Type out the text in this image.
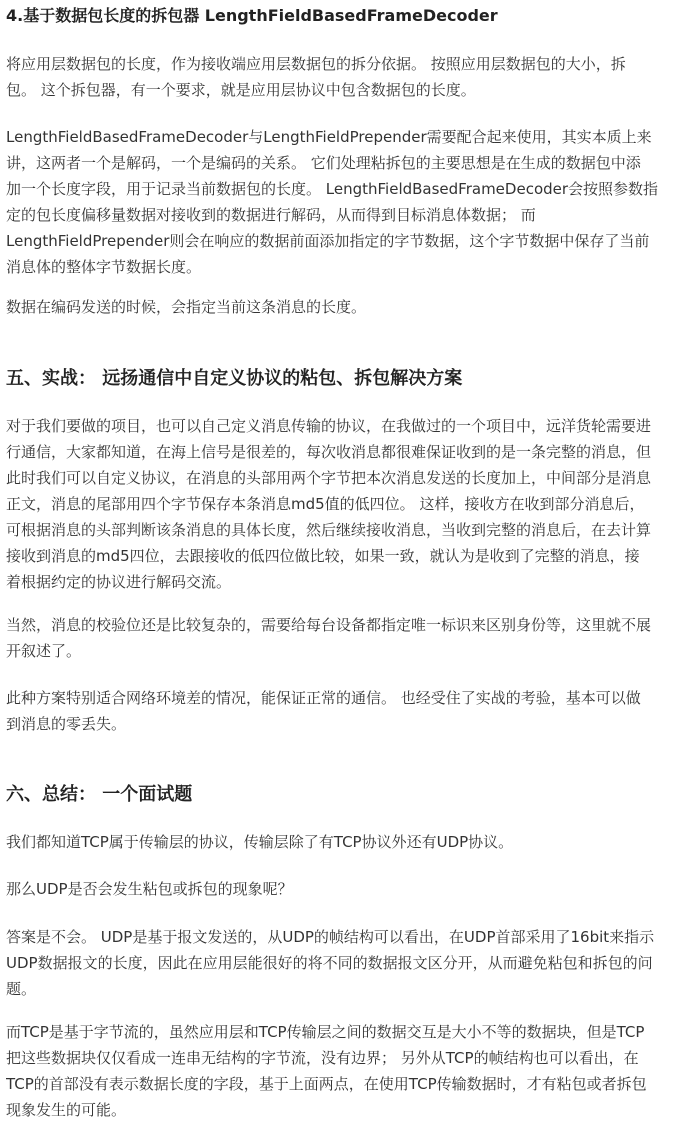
4.基于数据包长度的拆包器 LengthFieldBasedFrameDecoder
将应用层数据包的长度，作为接收端应用层数据包的拆分依据。 按照应用层数据包的大小，拆
包。 这个拆包器，有一个要求，就是应用层协议中包含数据包的长度。
LengthFieldBasedFrameDecoder与LengthFieldPrepender需要配合起来使用，其实本质上来
讲，这两者一个是解码，一个是编码的关系。 它们处理粘拆包的主要思想是在生成的数据包中添
加一个长度字段，用于记录当前数据包的长度。 LengthFieldBasedFrameDecoder会按照参数指
定的包长度偏移量数据对接收到的数据进行解码，从而得到目标消息体数据； 而
LengthFieldPrepender则会在响应的数据前面添加指定的字节数据，这个字节数据中保存了当前
消息体的整体字节数据长度。
数据在编码发送的时候，会指定当前这条消息的长度。
五、实战： 远扬通信中自定义协议的粘包、拆包解决方案
对于我们要做的项目，也可以自己定义消息传输的协议，在我做过的一个项目中，远洋货轮需要进
行通信，大家都知道，在海上信号是很差的，每次收消息都很难保证收到的是一条完整的消息，但
此时我们可以自定义协议，在消息的头部用两个字节把本次消息发送的长度加上，中间部分是消息
正文，消息的尾部用四个字节保存本条消息md5值的低四位。 这样，接收方在收到部分消息后，
可根据消息的头部判断该条消息的具体长度，然后继续接收消息，当收到完整的消息后，在去计算
接收到消息的md5四位，去跟接收的低四位做比较，如果一致，就认为是收到了完整的消息，接
着根据约定的协议进行解码交流。
当然，消息的校验位还是比较复杂的，需要给每台设备都指定唯一标识来区别身份等，这里就不展
开叙述了。
此种方案特别适合网络环境差的情况，能保证正常的通信。 也经受住了实战的考验，基本可以做
到消息的零丢失。
六、总结： 一个面试题
我们都知道TCP属于传输层的协议，传输层除了有TCP协议外还有UDP协议。
那么UDP是否会发生粘包或拆包的现象呢？
答案是不会。 UDP是基于报文发送的，从UDP的帧结构可以看出，在UDP首部采用了16bit来指示
UDP数据报文的长度，因此在应用层能很好的将不同的数据报文区分开，从而避免粘包和拆包的问
题。
而TCP是基于字节流的，虽然应用层和TCP传输层之间的数据交互是大小不等的数据块，但是TCP
把这些数据块仅仅看成一连串无结构的字节流，没有边界； 另外从TCP的帧结构也可以看出，在
TCP的首部没有表示数据长度的字段，基于上面两点，在使用TCP传输数据时，才有粘包或者拆包
现象发生的可能。
